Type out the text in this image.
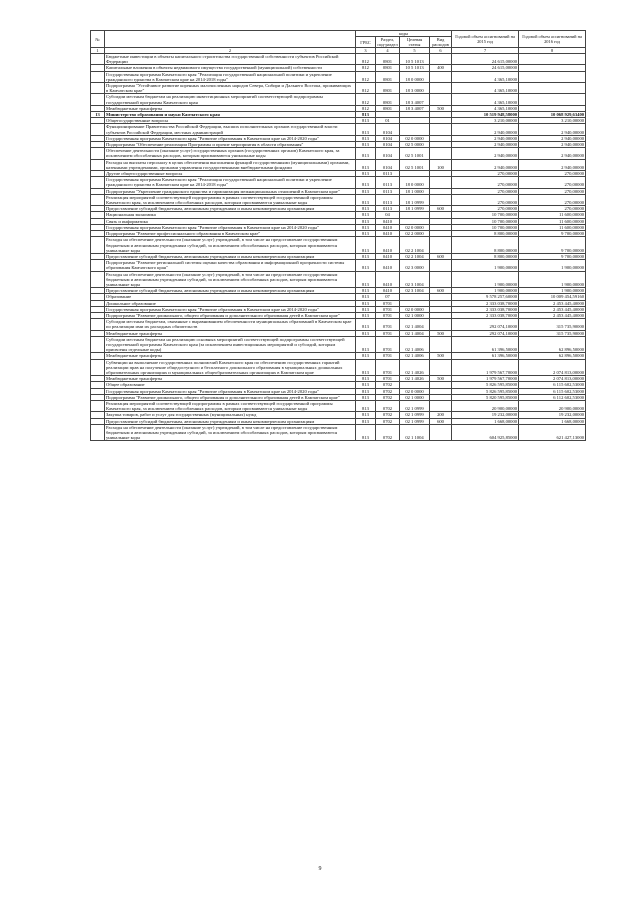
№		коды				Годовой объем ассигнований на 2015 год	Годовой объем ассигнований на 2016 год
		ГРБС	Раздел, под-раздел	Целевая статья	Вид расходов		
1	2	3	4	5	6	7	8
	Бюджетные инвестиции в объекты капитального строительства государственной собственности субъектов Российской Федерации	812	0801	10 5 1013		24 615,00000	
	Капитальные вложения в объекты недвижимого имущества государственной (муниципальной) собственности	812	0801	10 5 1013	400	24 615,00000	
	Государственная программа Камчатского края "Реализация государственной национальной политики и укрепление гражданского единства в Камчатском крае на 2014-2018 годы"	812	0801	18 0 0000		4 365,10000	
	Подпрограмма "Устойчивое развитие коренных малочисленных народов Севера, Сибири и Дальнего Востока, проживающих в Камчатском крае"	812	0801	18 3 0000		4 365,10000	
	Субсидии местным бюджетам на реализацию инвестиционных мероприятий соответствующей подпрограммы государственной программы Камчатского края	812	0801	18 3 4007		4 365,10000	
	Межбюджетные трансферты	812	0801	18 3 4007	500	4 365,10000	
13	Министерство образования и науки Камчатского края	813				10 519 948,58000	10 068 929,63400
	Общегосударственные вопросы	813	01			3 210,00000	3 210,00000
	Функционирование Правительства Российской Федерации, высших исполнительных органов государственной власти субъектов Российской Федерации, местных администраций	813	0104			2 940,00000	2 940,00000
	Государственная программа Камчатского края "Развитие образования в Камчатском крае на 2014-2020 годы"	813	0104	02 0 0000		2 940,00000	2 940,00000
	Подпрограмма "Обеспечение реализации Программы и прочие мероприятия в области образования"	813	0104	02 5 0000		2 940,00000	2 940,00000
	Обеспечение деятельности (оказание услуг) государственных органов (государственных органов) Камчатского края, за исключением обособленных расходов, которым присваиваются уникальные коды	813	0104	02 5 1001		2 940,00000	2 940,00000
	Расходы на выплаты персоналу в целях обеспечения выполнения функций государственными (муниципальными) органами, казенными учреждениями, органами управления государственными внебюджетными фондами	813	0104	02 5 1001	100	2 940,00000	2 940,00000
	Другие общегосударственные вопросы	813	0113			270,00000	270,00000
	Государственная программа Камчатского края "Реализация государственной национальной политики и укрепление гражданского единства в Камчатском крае на 2014-2018 годы"	813	0113	18 0 0000		270,00000	270,00000
	Подпрограмма "Укрепление гражданского единства и гармонизация межнациональных отношений в Камчатском крае"	813	0113	18 1 0000		270,00000	270,00000
	Реализация мероприятий соответствующей подпрограммы в рамках соответствующей государственной программы Камчатского края, за исключением обособленных расходов, которым присваиваются уникальные коды	813	0113	18 1 0999		270,00000	270,00000
	Предоставление субсидий бюджетным, автономным учреждениям и иным некоммерческим организациям	813	0113	18 1 0999	600	270,00000	270,00000
	Национальная экономика	813	04			10 700,00000	11 600,00000
	Связь и информатика	813	0410			10 700,00000	11 600,00000
	Государственная программа Камчатского края "Развитие образования в Камчатском крае на 2014-2020 годы"	813	0410	02 0 0000		10 700,00000	11 600,00000
	Подпрограмма "Развитие профессионального образования в Камчатском крае"	813	0410	02 2 0000		8 800,00000	9 700,00000
	Расходы на обеспечение деятельности (оказание услуг) учреждений, в том числе на предоставление государственным бюджетным и автономным учреждениям субсидий, за исключением обособленных расходов, которым присваиваются уникальные коды	813	0410	02 2 1004		8 800,00000	9 700,00000
	Предоставление субсидий бюджетным, автономным учреждениям и иным некоммерческим организациям	813	0410	02 2 1004	600	8 800,00000	9 700,00000
	Подпрограмма "Развитие региональной системы оценки качества образования и информационной прозрачности системы образования Камчатского края"	813	0410	02 3 0000		1 900,00000	1 900,00000
	Расходы на обеспечение деятельности (оказание услуг) учреждений, в том числе на предоставление государственным бюджетным и автономным учреждениям субсидий, за исключением обособленных расходов, которым присваиваются уникальные коды	813	0410	02 3 1004		1 900,00000	1 900,00000
	Предоставление субсидий бюджетным, автономным учреждениям и иным некоммерческим организациям	813	0410	02 3 1004	600	1 900,00000	1 900,00000
	Образование	813	07			9 578 257,60000	10 009 454,59160
	Дошкольное образование	813	0701			2 333 038,70000	2 453 445,40000
	Государственная программа Камчатского края "Развитие образования в Камчатском крае на 2014-2020 годы"	813	0701	02 0 0000		2 333 038,70000	2 453 445,40000
	Подпрограмма "Развитие дошкольного, общего образования и дополнительного образования детей в Камчатском крае"	813	0701	02 1 0000		2 333 038,70000	2 453 445,40000
	Субсидии местным бюджетам, связанные с выравниванием обеспеченности муниципальных образований в Камчатском крае по реализации ими их расходных обязательств	813	0701	02 1 4004		292 074,10000	315 735,90000
	Межбюджетные трансферты	813	0701	02 1 4004	500	292 074,10000	315 735,90000
	Субсидии местным бюджетам на реализацию основных мероприятий соответствующей подпрограммы соответствующей государственной программы Камчатского края (за исключением инвестиционных мероприятий и субсидий, которым присвоены отдельные коды)	813	0701	02 1 4006		61 396,50000	62 896,50000
	Межбюджетные трансферты	813	0701	02 1 4006	500	61 396,50000	62 896,50000
	Субвенции на выполнение государственных полномочий Камчатского края по обеспечению государственных гарантий реализации прав на получение общедоступного и бесплатного дошкольного образования в муниципальных дошкольных образовательных организациях и муниципальных общеобразовательных организациях в Камчатском крае	813	0701	02 1 4026		1 979 567,70000	2 074 813,00000
	Межбюджетные трансферты	813	0701	02 1 4026	500	1 979 567,70000	2 074 813,00000
	Общее образование	813	0702			5 826 595,85000	6 115 602,53000
	Государственная программа Камчатского края "Развитие образования в Камчатском крае на 2014-2020 годы"	813	0702	02 0 0000		5 826 595,85000	6 115 602,53000
	Подпрограмма "Развитие дошкольного, общего образования и дополнительного образования детей в Камчатском крае"	813	0702	02 1 0000		5 820 595,85000	6 112 602,53000
	Реализация мероприятий соответствующей подпрограммы в рамках соответствующей государственной программы Камчатского края, за исключением обособленных расходов, которым присваиваются уникальные коды	813	0702	02 1 0999		20 900,00000	20 900,00000
	Закупка товаров, работ и услуг для государственных (муниципальных) нужд	813	0702	02 1 0999	200	19 232,00000	19 232,00000
	Предоставление субсидий бюджетным, автономным учреждениям и иным некоммерческим организациям	813	0702	02 1 0999	600	1 668,00000	1 668,00000
	Расходы на обеспечение деятельности (оказание услуг) учреждений, в том числе на предоставление государственным бюджетным и автономным учреждениям субсидий, за исключением обособленных расходов, которым присваиваются уникальные коды	813	0702	02 1 1004		604 925,85000	621 427,13000
9
